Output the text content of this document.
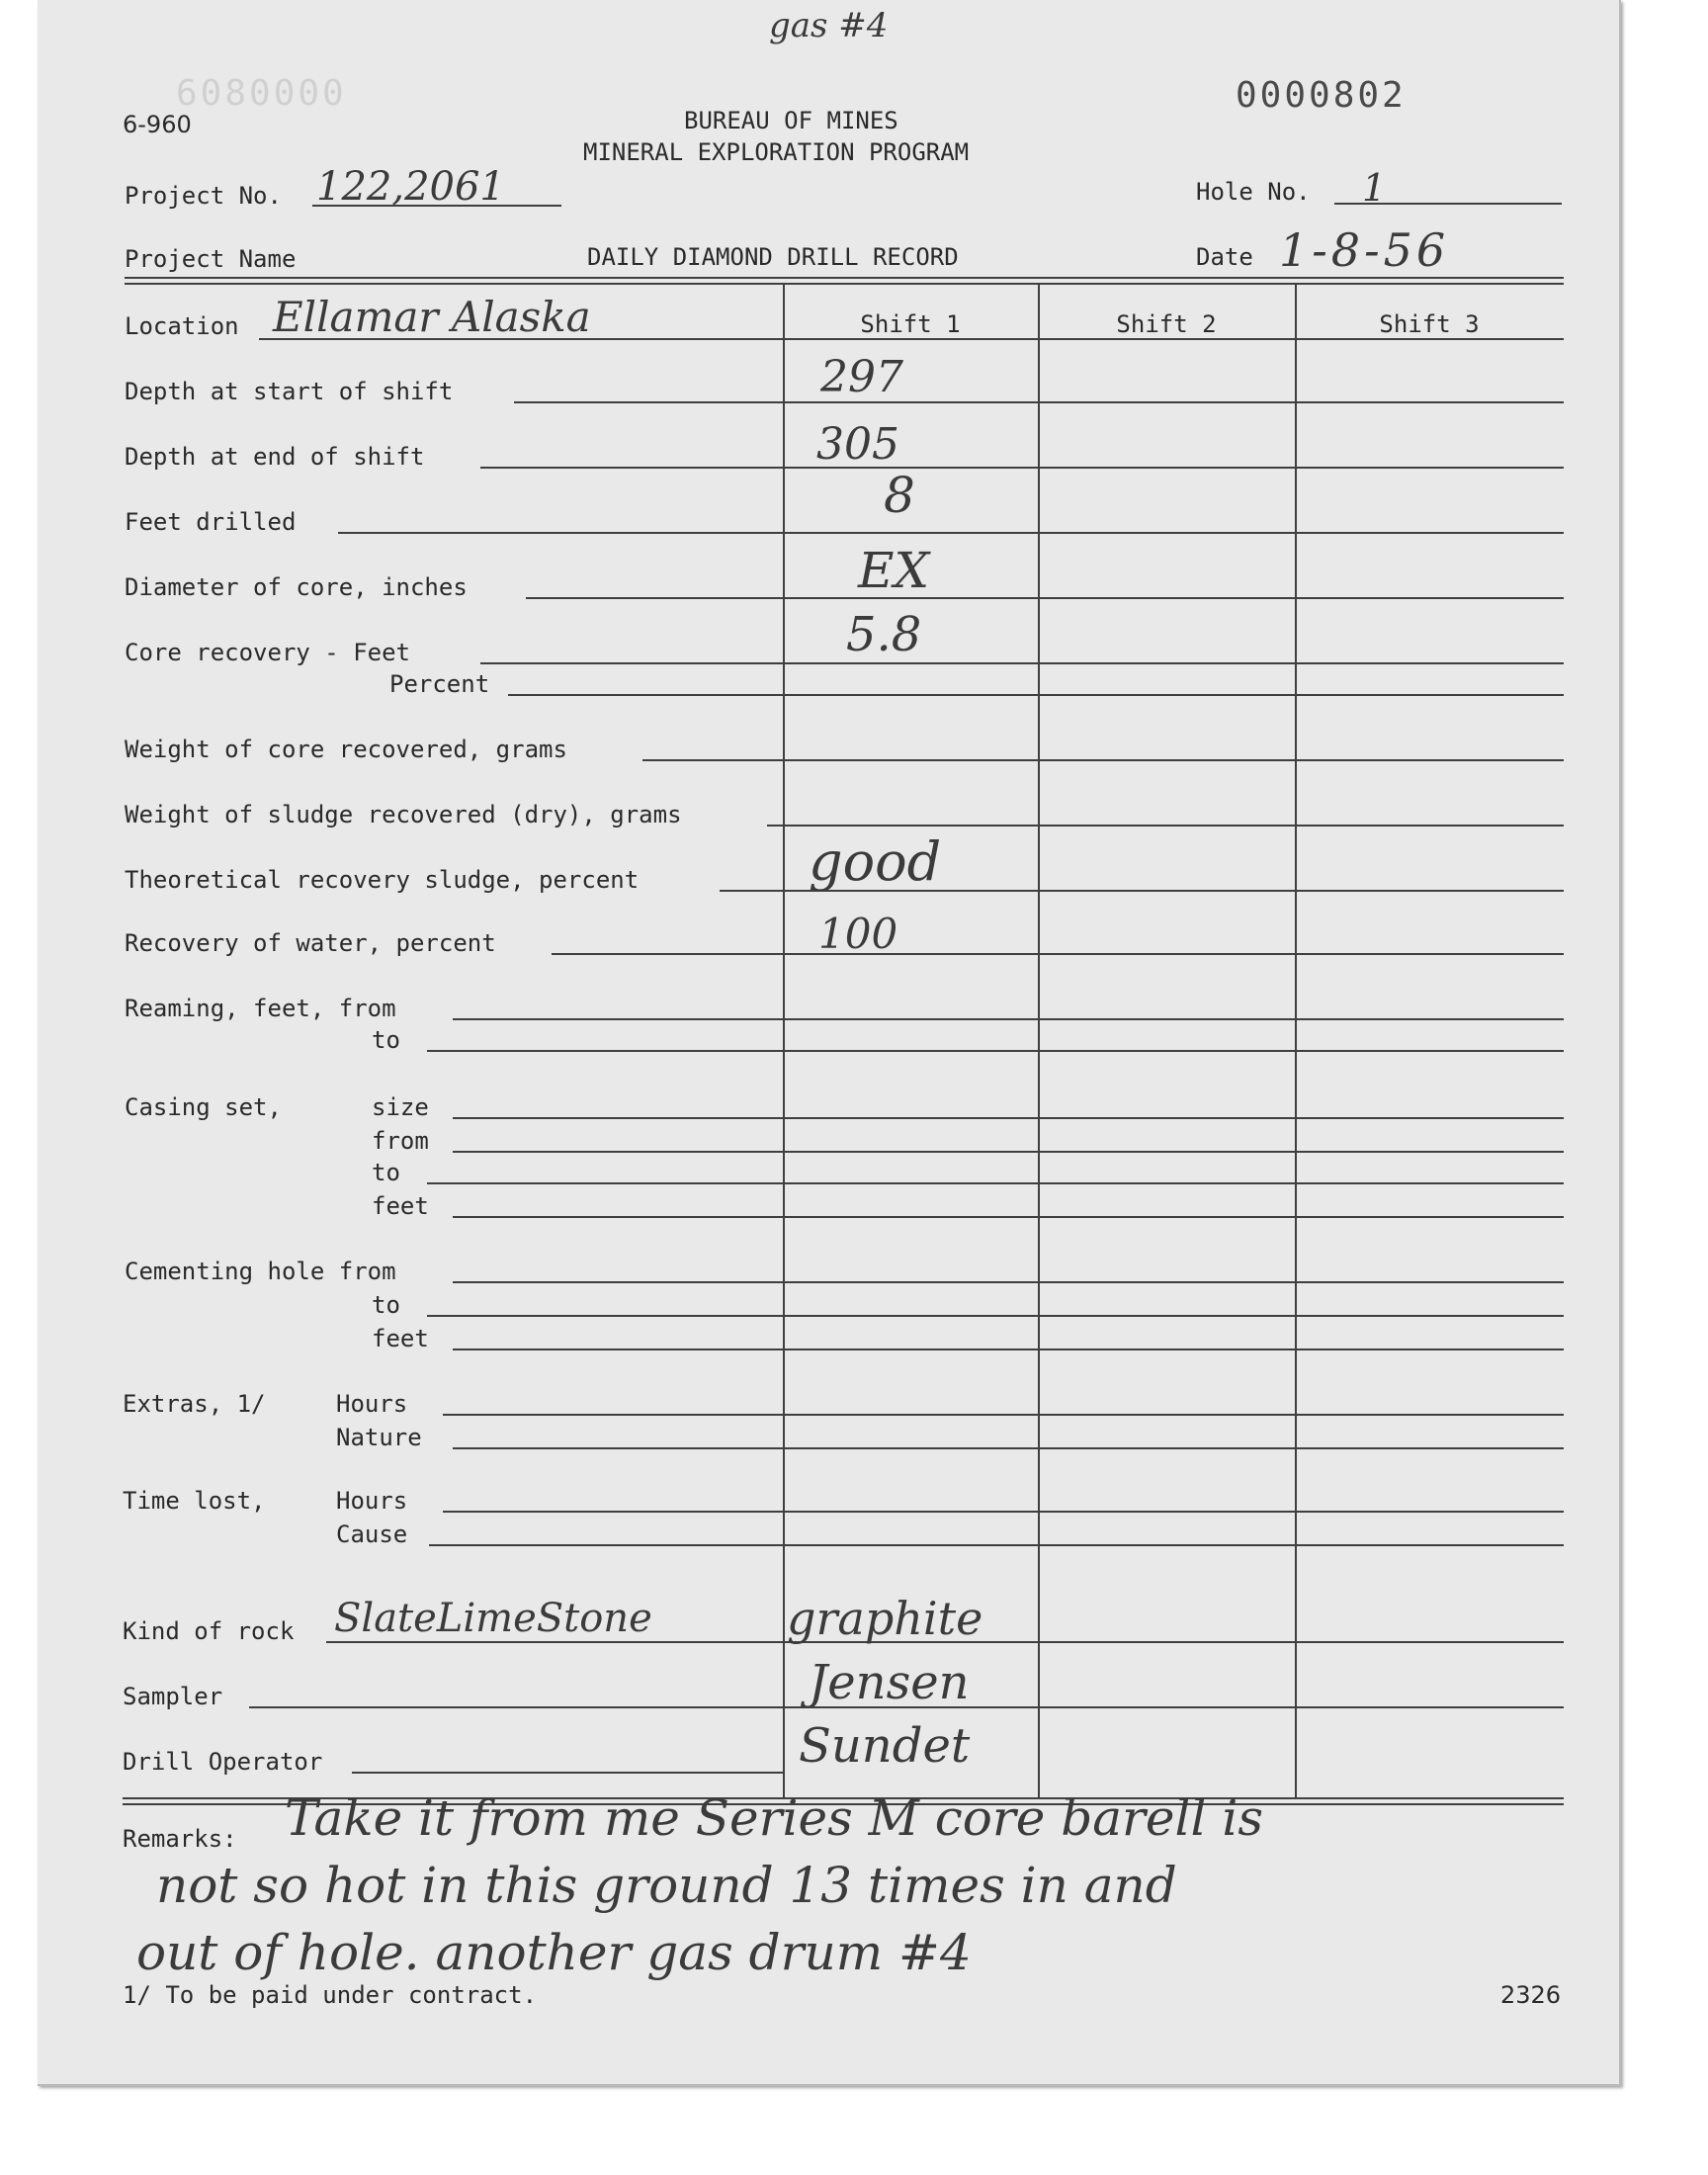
gas #4
6080000	0000802
6-960	BUREAU OF MINES
MINERAL EXPLORATION PROGRAM
Project No. 122,2061	Hole No. 1
Project Name	DAILY DIAMOND DRILL RECORD	Date 1-8-56
Location Ellamar Alaska	Shift 1	Shift 2	Shift 3
Depth at start of shift	297
Depth at end of shift	305
Feet drilled	8
Diameter of core, inches	EX
Core recovery - Feet	5.8
Percent
Weight of core recovered, grams
Weight of sludge recovered (dry), grams
Theoretical recovery sludge, percent	good
Recovery of water, percent	100
Reaming, feet, from
to
Casing set,	size
from
to
feet
Cementing hole from
to
feet
Extras, 1/	Hours
Nature
Time lost,	Hours
Cause
Kind of rock SlateLimeStone	graphite
Sampler	Jensen
Drill Operator	Sundet
Remarks: Take it from me Series M core barell is
not so hot in this ground 13 times in and
out of hole. another gas drum #4
1/ To be paid under contract.	2326
